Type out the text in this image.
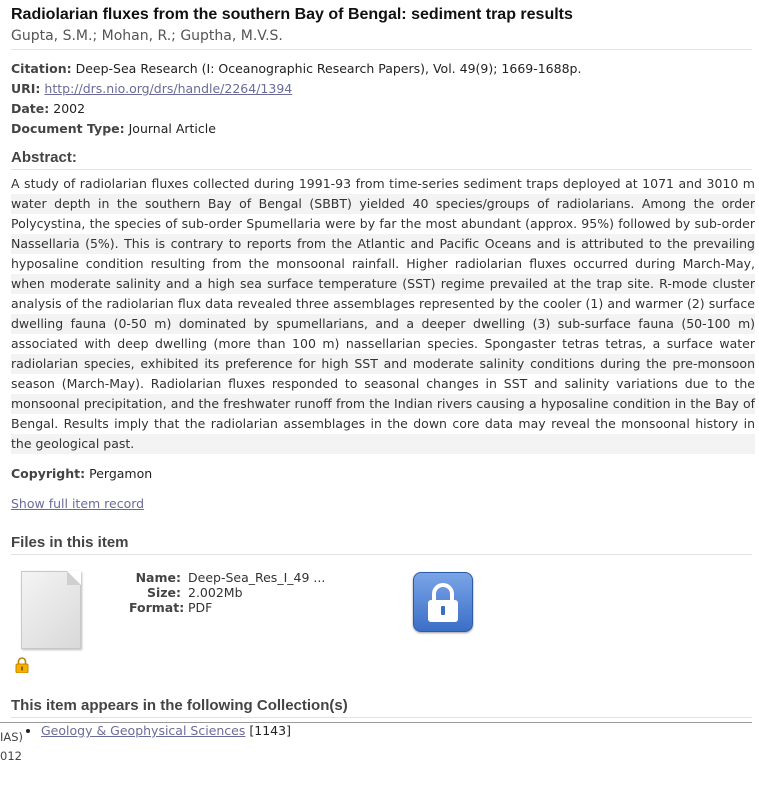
Radiolarian fluxes from the southern Bay of Bengal: sediment trap results
Gupta, S.M.; Mohan, R.; Guptha, M.V.S.
Citation: Deep-Sea Research (I: Oceanographic Research Papers), Vol. 49(9); 1669-1688p.
URI: http://drs.nio.org/drs/handle/2264/1394
Date: 2002
Document Type: Journal Article
Abstract:

A study of radiolarian fluxes collected during 1991-93 from time-series sediment traps deployed at 1071 and 3010 m water depth in the southern Bay of Bengal (SBBT) yielded 40 species/groups of radiolarians. Among the order Polycystina, the species of sub-order Spumellaria were by far the most abundant (approx. 95%) followed by sub-order Nassellaria (5%). This is contrary to reports from the Atlantic and Pacific Oceans and is attributed to the prevailing hyposaline condition resulting from the monsoonal rainfall. Higher radiolarian fluxes occurred during March-May, when moderate salinity and a high sea surface temperature (SST) regime prevailed at the trap site. R-mode cluster analysis of the radiolarian flux data revealed three assemblages represented by the cooler (1) and warmer (2) surface dwelling fauna (0-50 m) dominated by spumellarians, and a deeper dwelling (3) sub-surface fauna (50-100 m) associated with deep dwelling (more than 100 m) nassellarian species. Spongaster tetras tetras, a surface water radiolarian species, exhibited its preference for high SST and moderate salinity conditions during the pre-monsoon season (March-May). Radiolarian fluxes responded to seasonal changes in SST and salinity variations due to the monsoonal precipitation, and the freshwater runoff from the Indian rivers causing a hyposaline condition in the Bay of Bengal. Results imply that the radiolarian assemblages in the down core data may reveal the monsoonal history in the geological past.

Copyright: Pergamon
Show full item record
Files in this item
Name: Deep-Sea_Res_I_49 ...
Size: 2.002Mb
Format: PDF
This item appears in the following Collection(s)
• Geology & Geophysical Sciences [1143]
IAS)
012
